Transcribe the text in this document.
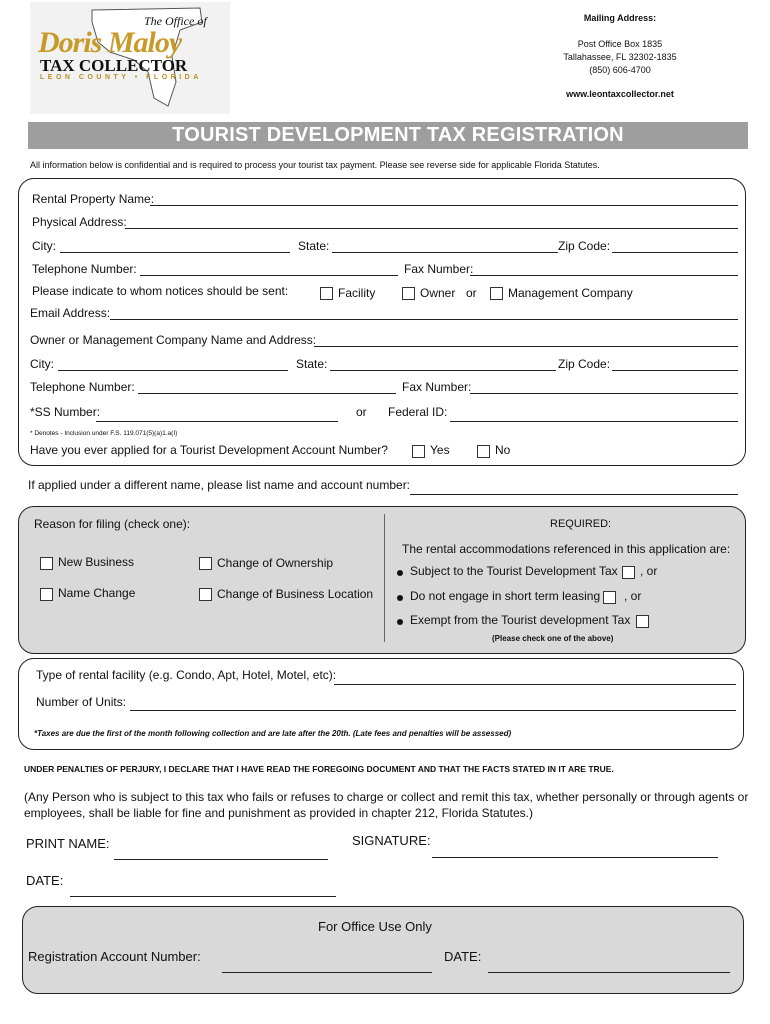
The Office of
Doris Maloy
TAX COLLECTOR
LEON COUNTY • FLORIDA
Mailing Address:
Post Office Box 1835
Tallahassee, FL 32302-1835
(850) 606-4700
www.leontaxcollector.net
TOURIST DEVELOPMENT TAX REGISTRATION
All information below is confidential and is required to process your tourist tax payment. Please see reverse side for applicable Florida Statutes.
Rental Property Name:
Physical Address:
City:	State:	Zip Code:
Telephone Number:	Fax Number:
Please indicate to whom notices should be sent:	Facility	Owner or	Management Company
Email Address:
Owner or Management Company Name and Address:
City:	State:	Zip Code:
Telephone Number:	Fax Number:
*SS Number:	or Federal ID:
* Denotes - Inclusion under F.S. 119.071(5)(a)1.a(I)
Have you ever applied for a Tourist Development Account Number?	Yes	No
If applied under a different name, please list name and account number:
Reason for filing (check one):
New Business	Change of Ownership
Name Change	Change of Business Location
REQUIRED:
The rental accommodations referenced in this application are:
Subject to the Tourist Development Tax , or
Do not engage in short term leasing , or
Exempt from the Tourist development Tax
(Please check one of the above)
Type of rental facility (e.g. Condo, Apt, Hotel, Motel, etc):
Number of Units:
*Taxes are due the first of the month following collection and are late after the 20th. (Late fees and penalties will be assessed)
UNDER PENALTIES OF PERJURY, I DECLARE THAT I HAVE READ THE FOREGOING DOCUMENT AND THAT THE FACTS STATED IN IT ARE TRUE.
(Any Person who is subject to this tax who fails or refuses to charge or collect and remit this tax, whether personally or through agents or employees, shall be liable for fine and punishment as provided in chapter 212, Florida Statutes.)
PRINT NAME:	SIGNATURE:
DATE:
For Office Use Only
Registration Account Number:	DATE:
